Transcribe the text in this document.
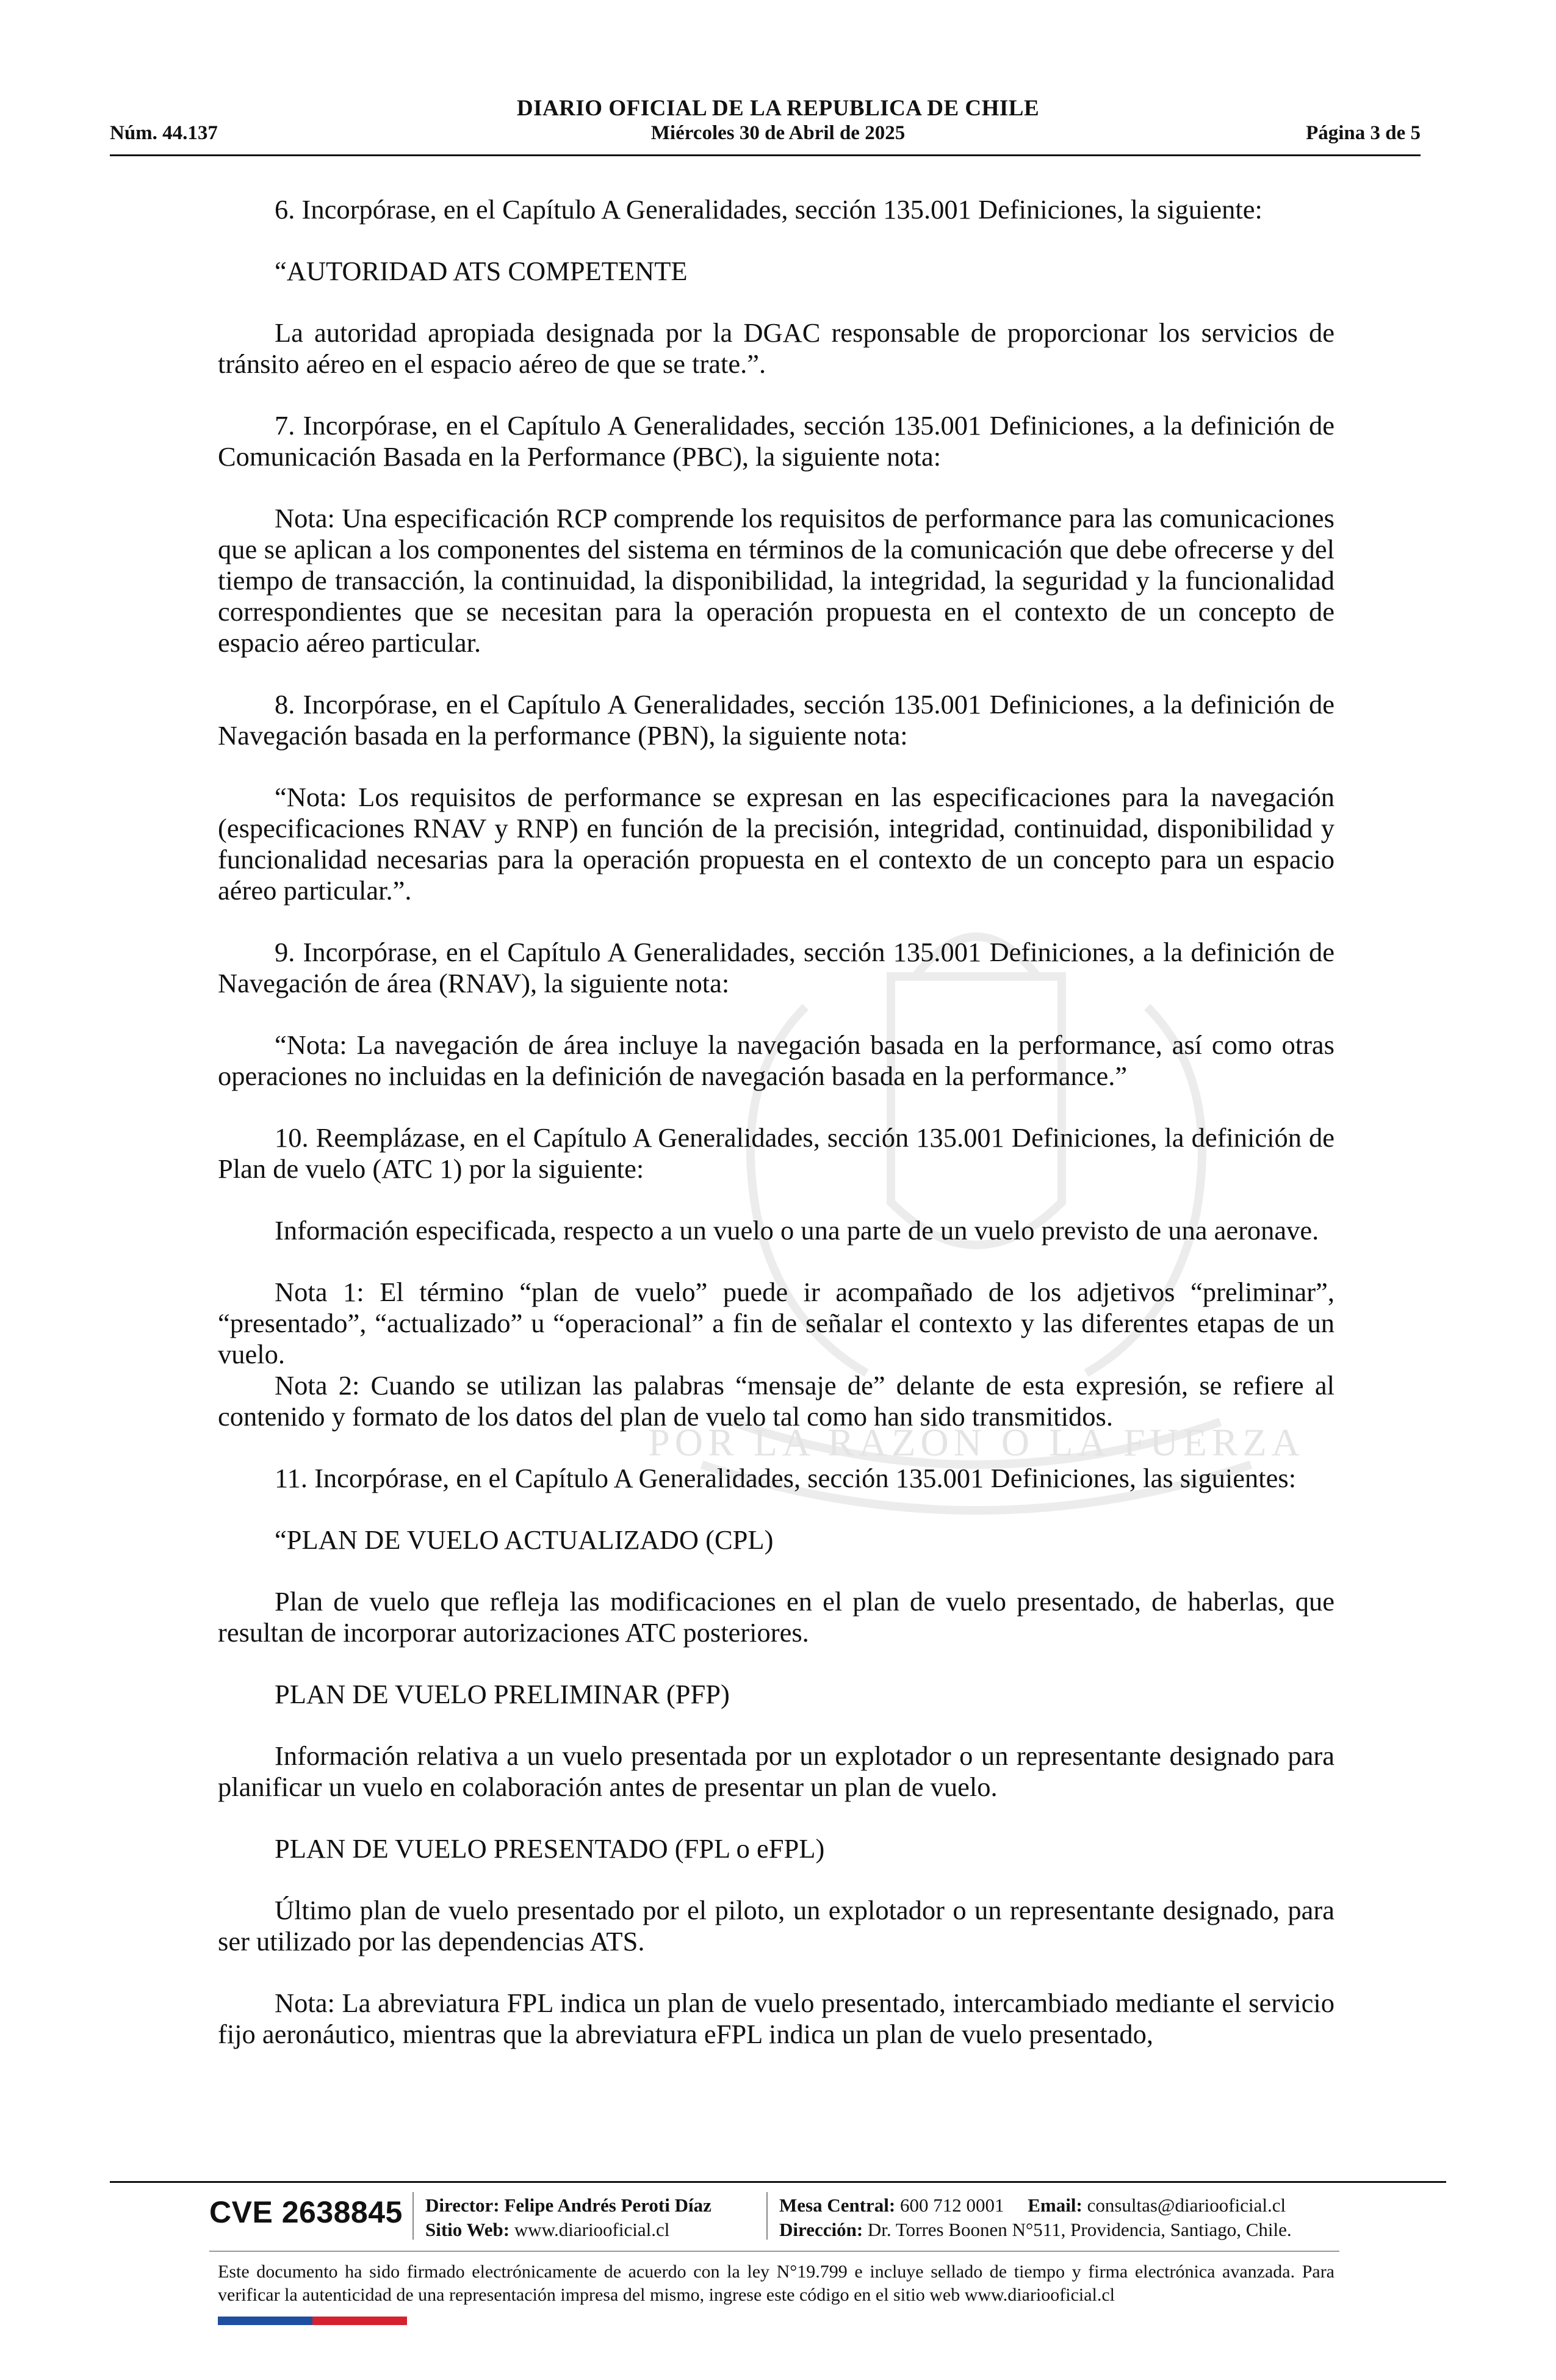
POR LA RAZÓN O LA FUERZA
DIARIO OFICIAL DE LA REPUBLICA DE CHILE
Núm. 44.137	Miércoles 30 de Abril de 2025	Página 3 de 5

6. Incorpórase, en el Capítulo A Generalidades, sección 135.001 Definiciones, la siguiente:

“AUTORIDAD ATS COMPETENTE

La autoridad apropiada designada por la DGAC responsable de proporcionar los servicios de tránsito aéreo en el espacio aéreo de que se trate.”.

7. Incorpórase, en el Capítulo A Generalidades, sección 135.001 Definiciones, a la definición de Comunicación Basada en la Performance (PBC), la siguiente nota:

Nota: Una especificación RCP comprende los requisitos de performance para las comunicaciones que se aplican a los componentes del sistema en términos de la comunicación que debe ofrecerse y del tiempo de transacción, la continuidad, la disponibilidad, la integridad, la seguridad y la funcionalidad correspondientes que se necesitan para la operación propuesta en el contexto de un concepto de espacio aéreo particular.

8. Incorpórase, en el Capítulo A Generalidades, sección 135.001 Definiciones, a la definición de Navegación basada en la performance (PBN), la siguiente nota:

“Nota: Los requisitos de performance se expresan en las especificaciones para la navegación (especificaciones RNAV y RNP) en función de la precisión, integridad, continuidad, disponibilidad y funcionalidad necesarias para la operación propuesta en el contexto de un concepto para un espacio aéreo particular.”.

9. Incorpórase, en el Capítulo A Generalidades, sección 135.001 Definiciones, a la definición de Navegación de área (RNAV), la siguiente nota:

“Nota: La navegación de área incluye la navegación basada en la performance, así como otras operaciones no incluidas en la definición de navegación basada en la performance.”

10. Reemplázase, en el Capítulo A Generalidades, sección 135.001 Definiciones, la definición de Plan de vuelo (ATC 1) por la siguiente:

Información especificada, respecto a un vuelo o una parte de un vuelo previsto de una aeronave.

Nota 1: El término “plan de vuelo” puede ir acompañado de los adjetivos “preliminar”, “presentado”, “actualizado” u “operacional” a fin de señalar el contexto y las diferentes etapas de un vuelo.

Nota 2: Cuando se utilizan las palabras “mensaje de” delante de esta expresión, se refiere al contenido y formato de los datos del plan de vuelo tal como han sido transmitidos.

11. Incorpórase, en el Capítulo A Generalidades, sección 135.001 Definiciones, las siguientes:

“PLAN DE VUELO ACTUALIZADO (CPL)

Plan de vuelo que refleja las modificaciones en el plan de vuelo presentado, de haberlas, que resultan de incorporar autorizaciones ATC posteriores.

PLAN DE VUELO PRELIMINAR (PFP)

Información relativa a un vuelo presentada por un explotador o un representante designado para planificar un vuelo en colaboración antes de presentar un plan de vuelo.

PLAN DE VUELO PRESENTADO (FPL o eFPL)

Último plan de vuelo presentado por el piloto, un explotador o un representante designado, para ser utilizado por las dependencias ATS.

Nota: La abreviatura FPL indica un plan de vuelo presentado, intercambiado mediante el servicio fijo aeronáutico, mientras que la abreviatura eFPL indica un plan de vuelo presentado,

CVE 2638845 Director: Felipe Andrés Peroti Díaz
Sitio Web: www.diariooficial.cl
Mesa Central: 600 712 0001 Email: consultas@diariooficial.cl
Dirección: Dr. Torres Boonen N°511, Providencia, Santiago, Chile.
Este documento ha sido firmado electrónicamente de acuerdo con la ley N°19.799 e incluye sellado de tiempo y firma electrónica avanzada. Para verificar la autenticidad de una representación impresa del mismo, ingrese este código en el sitio web www.diariooficial.cl
